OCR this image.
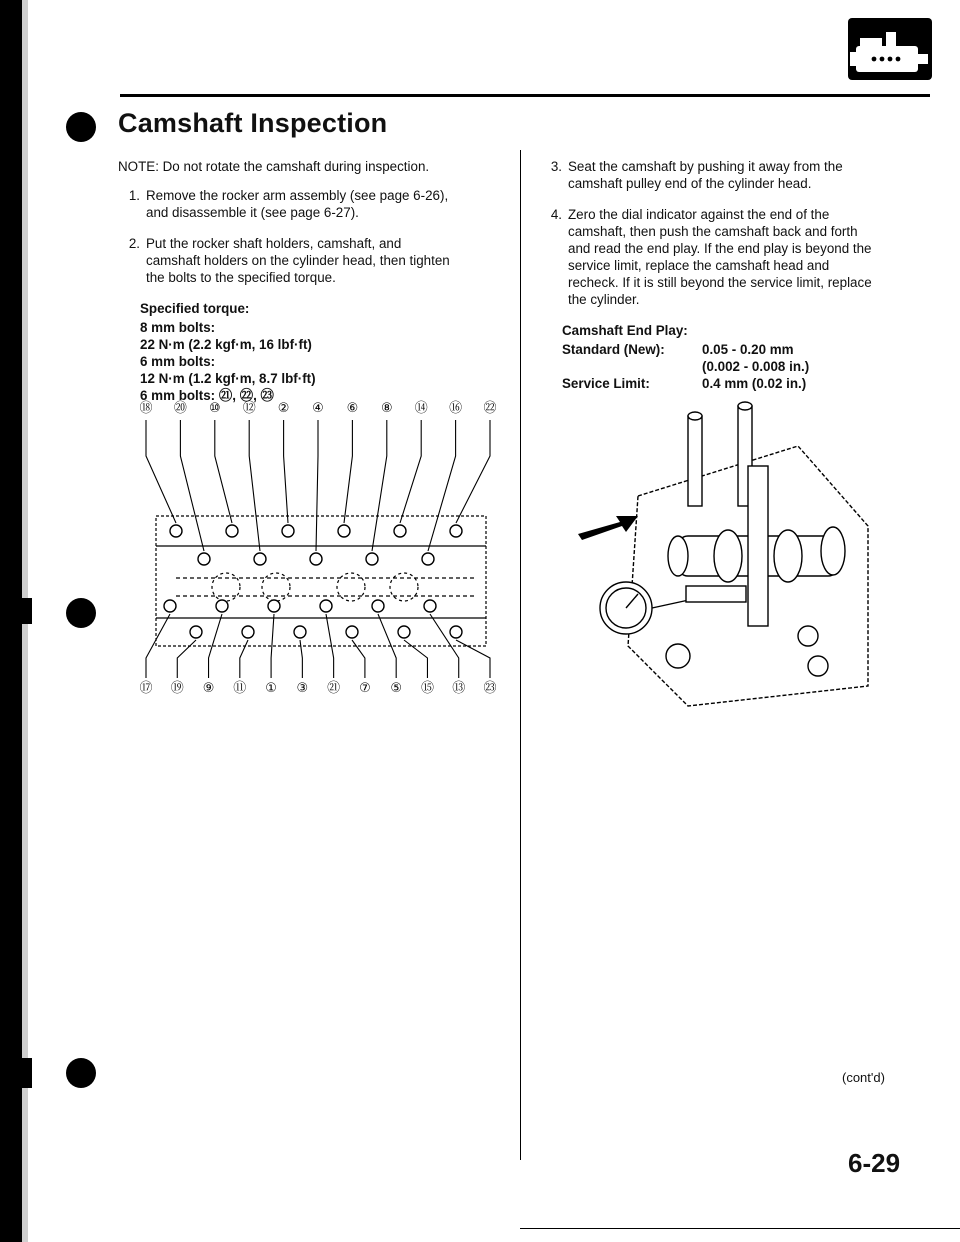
Camshaft Inspection

NOTE: Do not rotate the camshaft during inspection.

1. Remove the rocker arm assembly (see page 6-26),

and disassemble it (see page 6-27).

2. Put the rocker shaft holders, camshaft, and

camshaft holders on the cylinder head, then tighten

the bolts to the specified torque.

Specified torque:

8 mm bolts:

22 N·m (2.2 kgf·m, 16 lbf·ft)

6 mm bolts:

12 N·m (1.2 kgf·m, 8.7 lbf·ft)

6 mm bolts: ㉑, ㉒, ㉓

⑱ ⑳ ⑩ ⑫ ② ④ ⑥ ⑧ ⑭ ⑯ ㉒
⑰ ⑲ ⑨ ⑪ ① ③ ㉑ ⑦ ⑤ ⑮ ⑬ ㉓
3. Seat the camshaft by pushing it away from the

camshaft pulley end of the cylinder head.

4. Zero the dial indicator against the end of the

camshaft, then push the camshaft back and forth

and read the end play. If the end play is beyond the

service limit, replace the camshaft head and

recheck. If it is still beyond the service limit, replace

the cylinder.

Camshaft End Play:

Standard (New):	0.05 - 0.20 mm
(0.002 - 0.008 in.)
Service Limit:	0.4 mm (0.02 in.)

(cont'd)

6-29
